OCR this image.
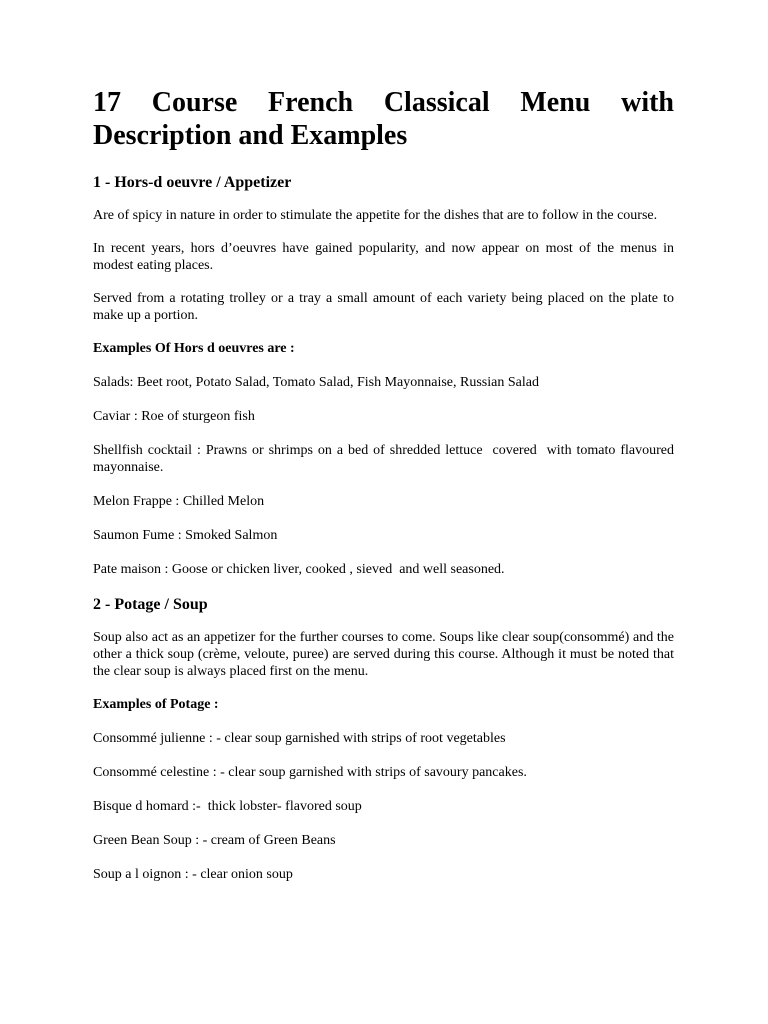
17 Course French Classical Menu with Description and Examples
1 - Hors-d oeuvre / Appetizer

Are of spicy in nature in order to stimulate the appetite for the dishes that are to follow in the course.

In recent years, hors d’oeuvres have gained popularity, and now appear on most of the menus in modest eating places.

Served from a rotating trolley or a tray a small amount of each variety being placed on the plate to make up a portion.

Examples Of Hors d oeuvres are :

Salads: Beet root, Potato Salad, Tomato Salad, Fish Mayonnaise, Russian Salad

Caviar : Roe of sturgeon fish

Shellfish cocktail : Prawns or shrimps on a bed of shredded lettuce  covered  with tomato flavoured mayonnaise.

Melon Frappe : Chilled Melon

Saumon Fume : Smoked Salmon

Pate maison : Goose or chicken liver, cooked , sieved  and well seasoned.

2 - Potage / Soup

Soup also act as an appetizer for the further courses to come. Soups like clear soup(consommé) and the other a thick soup (crème, veloute, puree) are served during this course. Although it must be noted that the clear soup is always placed first on the menu.

Examples of Potage :

Consommé julienne : - clear soup garnished with strips of root vegetables

Consommé celestine : - clear soup garnished with strips of savoury pancakes.

Bisque d homard :-  thick lobster- flavored soup

Green Bean Soup : - cream of Green Beans

Soup a l oignon : - clear onion soup
